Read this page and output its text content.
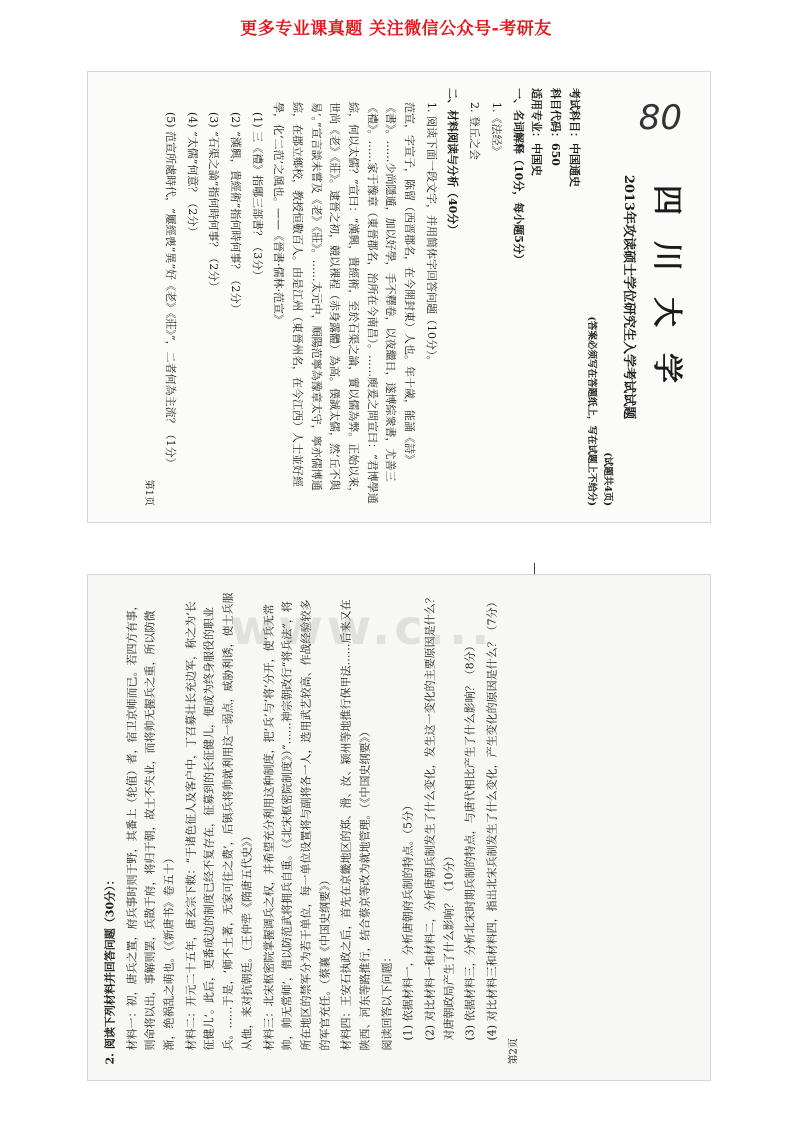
更多专业课真题 关注微信公众号-考研友
四川大学
2013年攻读硕士学位研究生入学考试试题
(试题共4页)
(答案必须写在答题纸上，写在试题上不给分)
考试科目：中国通史
科目代码：650
适用专业：中国史

一、名词解释（10分，每小题5分）

1.《法经》

2. 登丘之会

二、材料阅读与分析（40分）

1. 阅读下面一段文字，并用简体字回答问题（10分）。

范宣，字宣子，陈留（西晋郡名，在今開封東）人也。年十歲，能誦《詩》《書》。……少尚隱遁，加以好學，手不釋卷，以夜繼日，遂博綜衆書，尤善三《禮》。……家于豫章（東晉郡名，治所在今南昌）。……庾爰之問宣曰：“君博學通綜，何以太儒？”宣曰：“漢興，貴經術，至於石渠之論，實以儒為弊。正始以來，世尚《老》《莊》。逮晉之初，競以裸裎（赤身露體）為高。僕誠太儒，然‘丘不與易’。”宣言談未嘗及《老》《莊》。……太元中，順陽范寧為豫章太守，寧亦儒博通綜，在郡立鄉校，教授恒數百人。由是江州（東晉州名，在今江西）人士並好經學，化‘二范’之風也。——《晉書·儒林·范宣》

(1) 三《禮》指哪三部書？（3分）

(2) “漢興，貴經術”指何時何事？（2分）

(3) “石渠之論”指何時何事？（2分）

(4) “太儒”何意？（2分）

(5) 范宣所處時代，“屢經喪”異“好《老》《莊》”，二者何為主流？（1分）

第1页
80

2. 阅读下列材料并回答问题（30分）： 材料一：初，唐兵之置，府兵事时则于野，其番上（轮值）者，宿卫京师而已。若四方有事，则命将以出，事解则罢，兵散于府，将归于朝，故士不失业，而将帅无握兵之重，所以防微渐，绝祸乱之萌也。（《新唐书》卷五十） 材料二：开元二十五年，唐玄宗下敕：“于诸色征人及客户中，丁召募壮长充边军，称之为‘长征健儿’。此后，更番成边的制度已经不复存在，征募到的长征健儿，便成为终身服役的职业兵。……于是，‘师不土著，无家可往之费’，后镇兵将帅就利用这一弱点，威胁利诱，使士兵服从他，来对抗朝廷。（王仲荦《隋唐五代史》） 材料三：北宋枢密院掌握调兵之权，并希望充分利用这种制度，把‘兵’与‘将’分开，使‘兵无常帅，帅无常师’，借以防范武将拥兵自重。（《北宋枢密院制度》）”……神宗朝改行“将兵法”，将所在地区的禁军分为若干单位，每一单位设置将与副将各一人，选用武艺较高、作战经验较多的军官充任。（蔡襄《中国史纲要》） 材料四：王安石执政之后，首先在京畿地区的郑、滑、汝、颍州等地推行保甲法……后来又在陕西、河东等路推行，结合蔡京等改为就地管理。（《中国史纲要》） 阅读回答以下问题： (1) 依据材料一，分析唐朝府兵制的特点。（5分） (2) 对比材料一和材料二，分析唐朝兵制发生了什么变化，发生这一变化的主要原因是什么？对唐朝政局产生了什么影响？（10分） (3) 依据材料三，分析北宋时期兵制的特点，与唐代相比产生了什么影响？（8分） (4) 对比材料三和材料四，指出北宋兵制发生了什么变化，产生变化的原因是什么？（7分）

第2页
www.c...
